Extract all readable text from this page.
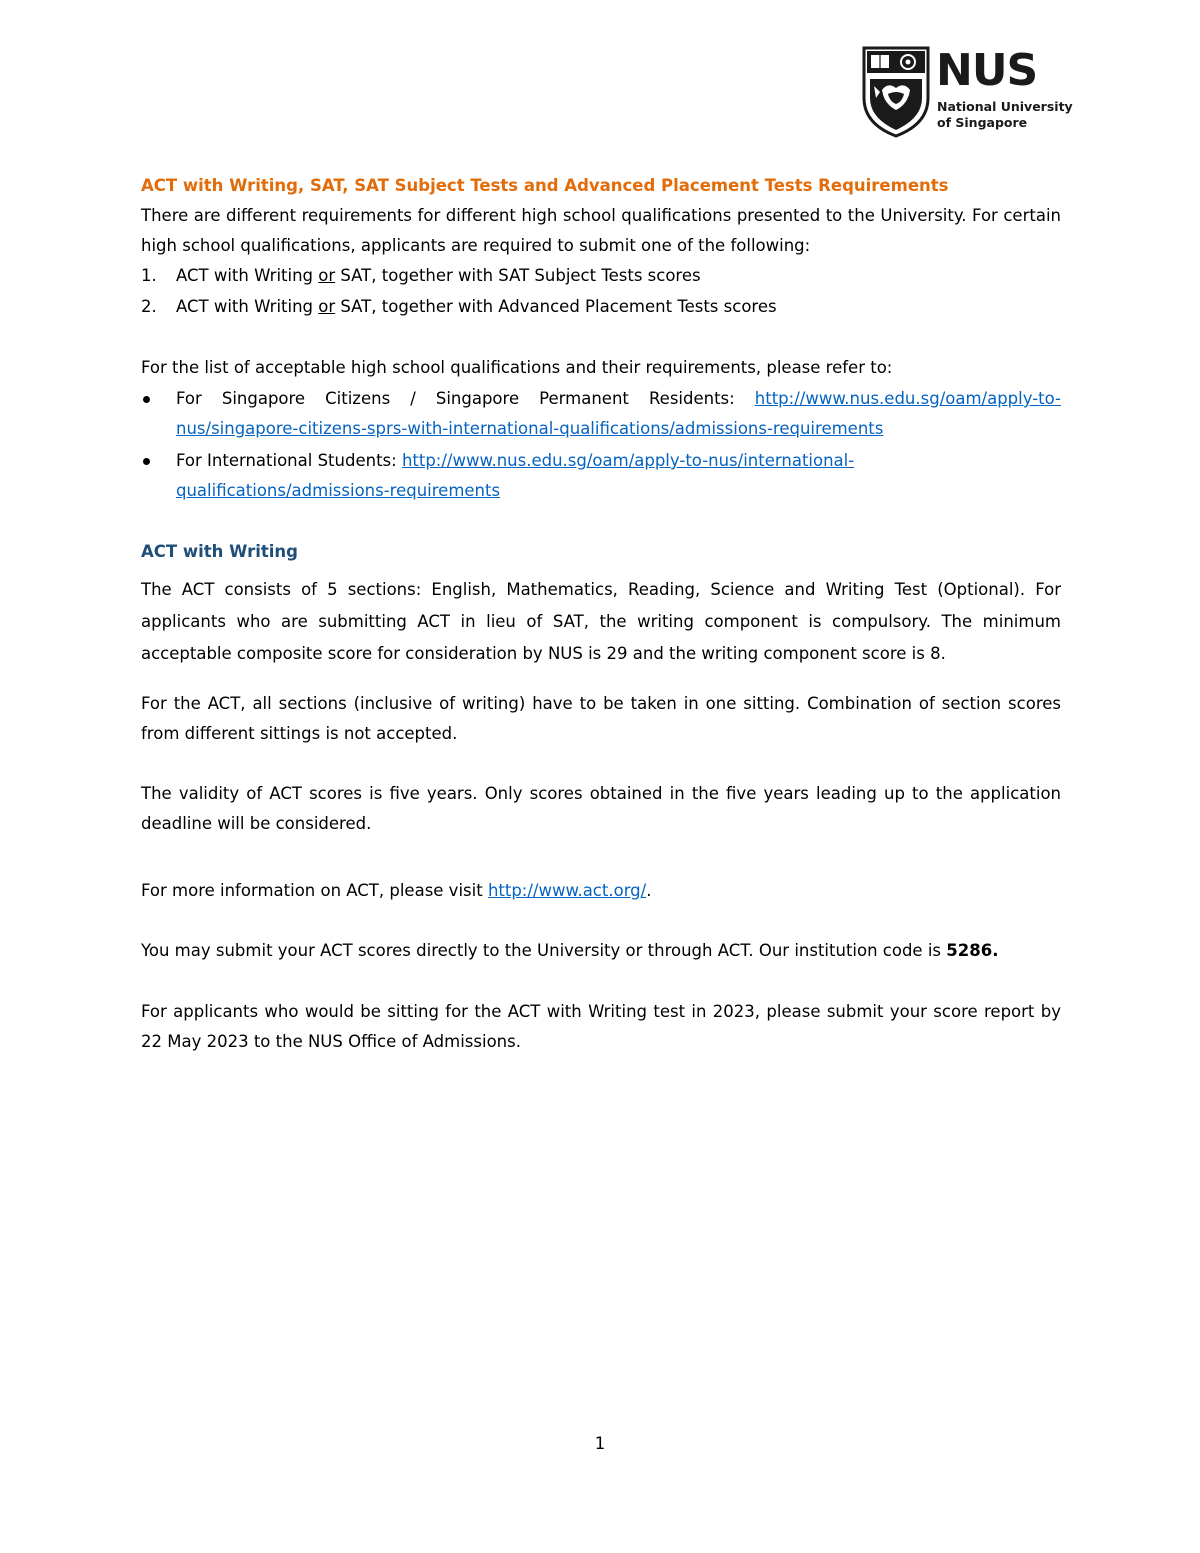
NUS
National University
of Singapore
ACT with Writing, SAT, SAT Subject Tests and Advanced Placement Tests Requirements
There are different requirements for different high school qualifications presented to the University. For certain high school qualifications, applicants are required to submit one of the following:
1.	ACT with Writing or SAT, together with SAT Subject Tests scores
2.	ACT with Writing or SAT, together with Advanced Placement Tests scores
For the list of acceptable high school qualifications and their requirements, please refer to:
For Singapore Citizens / Singapore Permanent Residents: http://www.nus.edu.sg/oam/apply-to-
nus/singapore-citizens-sprs-with-international-qualifications/admissions-requirements
For International Students: http://www.nus.edu.sg/oam/apply-to-nus/international-
qualifications/admissions-requirements
ACT with Writing
The ACT consists of 5 sections: English, Mathematics, Reading, Science and Writing Test (Optional). For applicants who are submitting ACT in lieu of SAT, the writing component is compulsory. The minimum acceptable composite score for consideration by NUS is 29 and the writing component score is 8.
For the ACT, all sections (inclusive of writing) have to be taken in one sitting. Combination of section scores from different sittings is not accepted.
The validity of ACT scores is five years. Only scores obtained in the five years leading up to the application deadline will be considered.
For more information on ACT, please visit http://www.act.org/.
You may submit your ACT scores directly to the University or through ACT. Our institution code is 5286.
For applicants who would be sitting for the ACT with Writing test in 2023, please submit your score report by 22 May 2023 to the NUS Office of Admissions.
1
